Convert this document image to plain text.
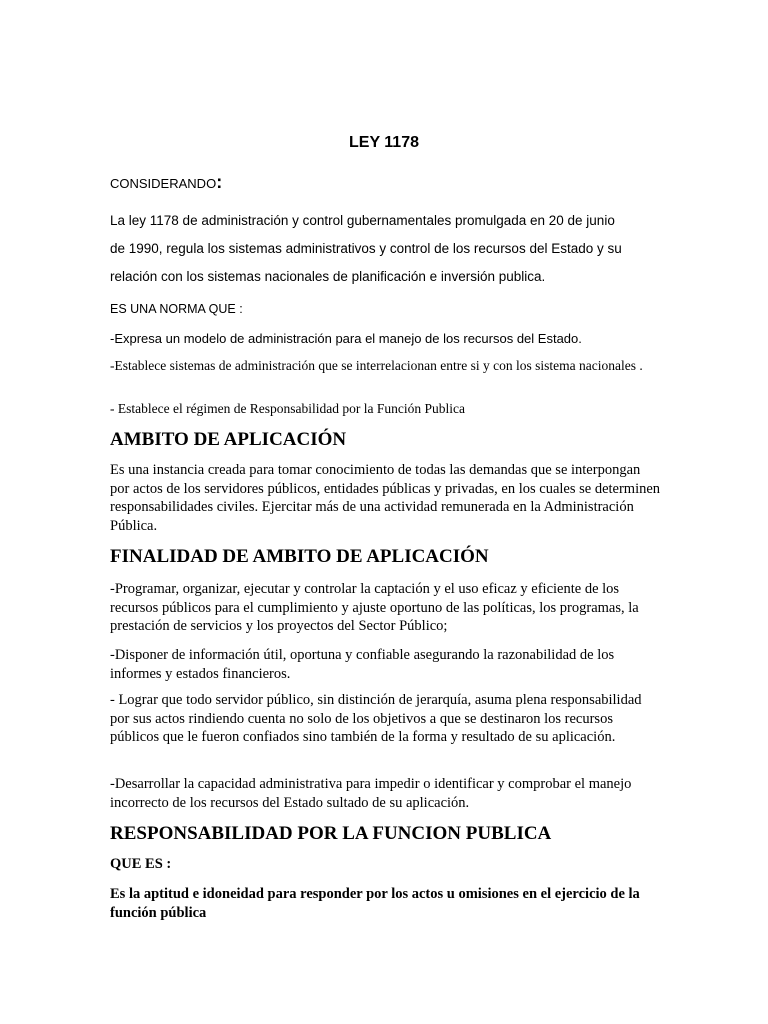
LEY 1178

CONSIDERANDO:

La ley 1178 de administración y control gubernamentales promulgada en 20 de junio
de 1990, regula los sistemas administrativos y control de los recursos del Estado y su
relación con los sistemas nacionales de planificación e inversión publica.

ES UNA NORMA QUE :

-Expresa un modelo de administración para el manejo de los recursos del Estado.

-Establece sistemas de administración que se interrelacionan entre si y con los sistema nacionales .

- Establece el régimen de Responsabilidad por la Función Publica

AMBITO DE APLICACIÓN

Es una instancia creada para tomar conocimiento de todas las demandas que se interpongan por actos de los servidores públicos, entidades públicas y privadas, en los cuales se determinen responsabilidades civiles. Ejercitar más de una actividad remunerada en la Administración Pública.

FINALIDAD DE AMBITO DE APLICACIÓN

-Programar, organizar, ejecutar y controlar la captación y el uso eficaz y eficiente de los recursos públicos para el cumplimiento y ajuste oportuno de las políticas, los programas, la prestación de servicios y los proyectos del Sector Público;

-Disponer de información útil, oportuna y confiable asegurando la razonabilidad de los informes y estados financieros.

- Lograr que todo servidor público, sin distinción de jerarquía, asuma plena responsabilidad por sus actos rindiendo cuenta no solo de los objetivos a que se destinaron los recursos públicos que le fueron confiados sino también de la forma y resultado de su aplicación.

-Desarrollar la capacidad administrativa para impedir o identificar y comprobar el manejo incorrecto de los recursos del Estado sultado de su aplicación.

RESPONSABILIDAD POR LA FUNCION PUBLICA

QUE ES :

Es la aptitud e idoneidad para responder por los actos u omisiones en el ejercicio de la función pública
